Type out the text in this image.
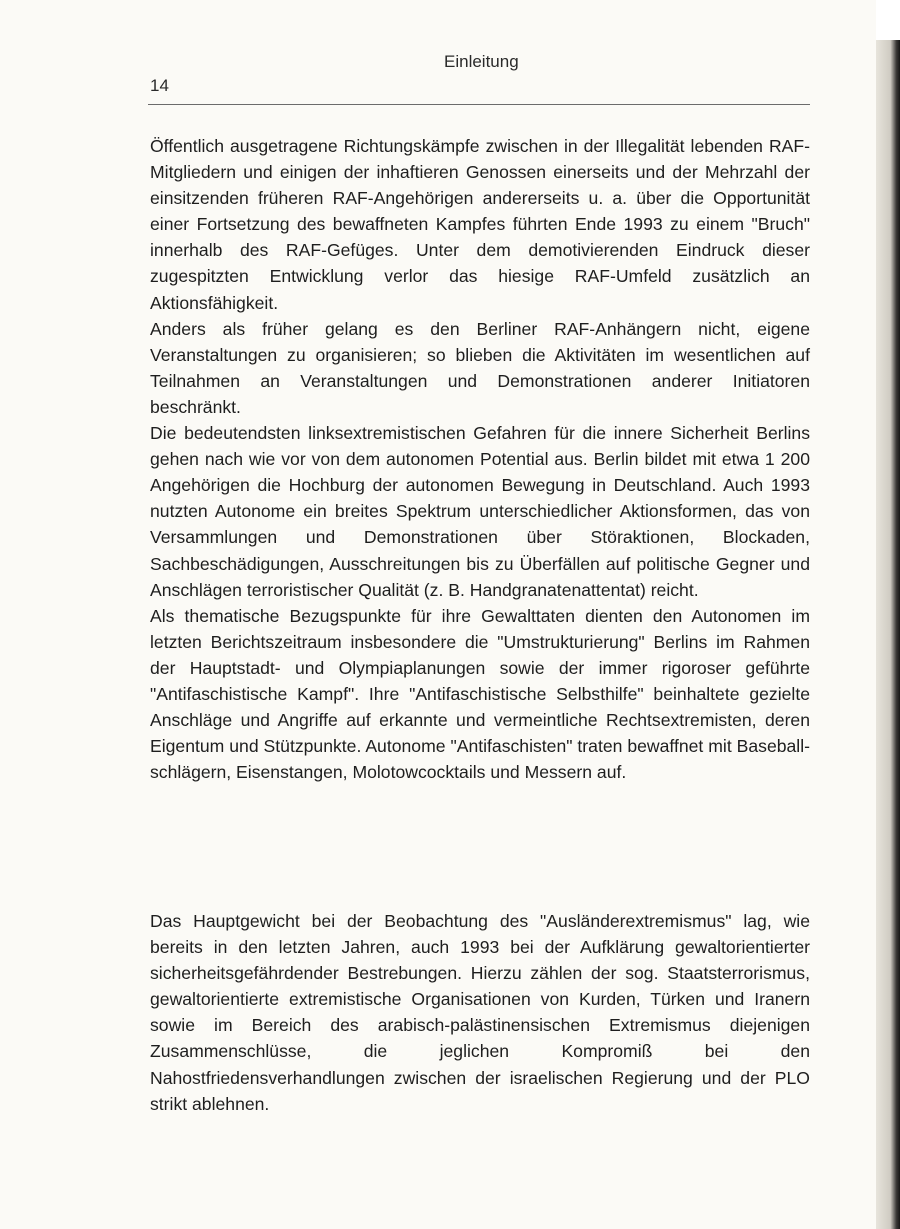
14
Einleitung

Öffentlich ausgetragene Richtungskämpfe zwischen in der Illegalität lebenden RAF-Mitgliedern und einigen der inhaftieren Genossen einerseits und der Mehrzahl der einsitzenden früheren RAF-Angehörigen andererseits u. a. über die Opportunität einer Fortsetzung des bewaffneten Kampfes führten Ende 1993 zu einem "Bruch" innerhalb des RAF-Gefüges. Unter dem demotivierenden Eindruck dieser zugespitzten Entwicklung verlor das hiesige RAF-Umfeld zusätzlich an Aktionsfähigkeit.

Anders als früher gelang es den Berliner RAF-Anhängern nicht, eigene Veranstaltungen zu organisieren; so blieben die Aktivitäten im wesentlichen auf Teilnahmen an Veranstaltungen und Demonstrationen anderer Initiatoren beschränkt.

Die bedeutendsten linksextremistischen Gefahren für die innere Sicherheit Berlins gehen nach wie vor von dem autonomen Potential aus. Berlin bildet mit etwa 1 200 Angehörigen die Hochburg der autonomen Bewegung in Deutschland. Auch 1993 nutzten Autonome ein breites Spektrum unterschiedlicher Aktionsformen, das von Versammlungen und Demonstrationen über Störaktionen, Blockaden, Sachbeschädigungen, Ausschreitungen bis zu Überfällen auf politische Gegner und Anschlägen terroristischer Qualität (z. B. Handgranatenattentat) reicht.

Als thematische Bezugspunkte für ihre Gewalttaten dienten den Autonomen im letzten Berichtszeitraum insbesondere die "Umstrukturierung" Berlins im Rahmen der Hauptstadt- und Olympiaplanungen sowie der immer rigoroser geführte "Antifaschistische Kampf". Ihre "Antifaschistische Selbsthilfe" beinhaltete gezielte Anschläge und Angriffe auf erkannte und vermeintliche Rechtsextremisten, deren Eigentum und Stützpunkte. Autonome "Antifaschisten" traten bewaffnet mit Baseballschlägern, Eisenstangen, Molotowcocktails und Messern auf.

Das Hauptgewicht bei der Beobachtung des "Ausländerextremismus" lag, wie bereits in den letzten Jahren, auch 1993 bei der Aufklärung gewaltorientierter sicherheitsgefährdender Bestrebungen. Hierzu zählen der sog. Staatsterrorismus, gewaltorientierte extremistische Organisationen von Kurden, Türken und Iranern sowie im Bereich des arabisch-palästinensischen Extremismus diejenigen Zusammenschlüsse, die jeglichen Kompromiß bei den Nahostfriedensverhandlungen zwischen der israelischen Regierung und der PLO strikt ablehnen.
